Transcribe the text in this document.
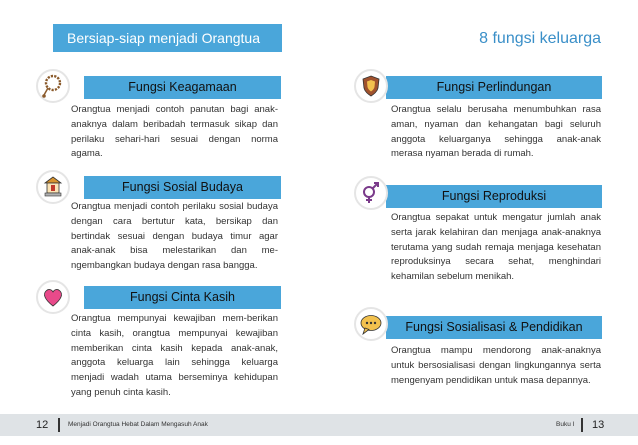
Bersiap-siap menjadi Orangtua	8 fungsi keluarga
Fungsi Keagamaan

Orangtua menjadi contoh panutan bagi anak-anaknya dalam beribadah termasuk sikap dan perilaku sehari-hari sesuai dengan norma agama.

Fungsi Sosial Budaya

Orangtua menjadi contoh perilaku sosial budaya dengan cara bertutur kata, bersikap dan bertindak sesuai dengan budaya timur agar anak-anak bisa melestarikan dan me-ngembangkan budaya dengan rasa bangga.

Fungsi Cinta Kasih

Orangtua mempunyai kewajiban mem-berikan cinta kasih, orangtua mempunyai kewajiban memberikan cinta kasih kepada anak-anak, anggota keluarga lain sehingga keluarga menjadi wadah utama berseminya kehidupan yang penuh cinta kasih.

Fungsi Perlindungan

Orangtua selalu berusaha menumbuhkan rasa aman, nyaman dan kehangatan bagi seluruh anggota keluarganya sehingga anak-anak merasa nyaman berada di rumah.

Fungsi Reproduksi

Orangtua sepakat untuk mengatur jumlah anak serta jarak kelahiran dan menjaga anak-anaknya terutama yang sudah remaja menjaga kesehatan reproduksinya secara sehat, menghindari kehamilan sebelum menikah.

Fungsi Sosialisasi & Pendidikan

Orangtua mampu mendorong anak-anaknya untuk bersosialisasi dengan lingkungannya serta mengenyam pendidikan untuk masa depannya.

12	Menjadi Orangtua Hebat Dalam Mengasuh Anak	Buku I 13
